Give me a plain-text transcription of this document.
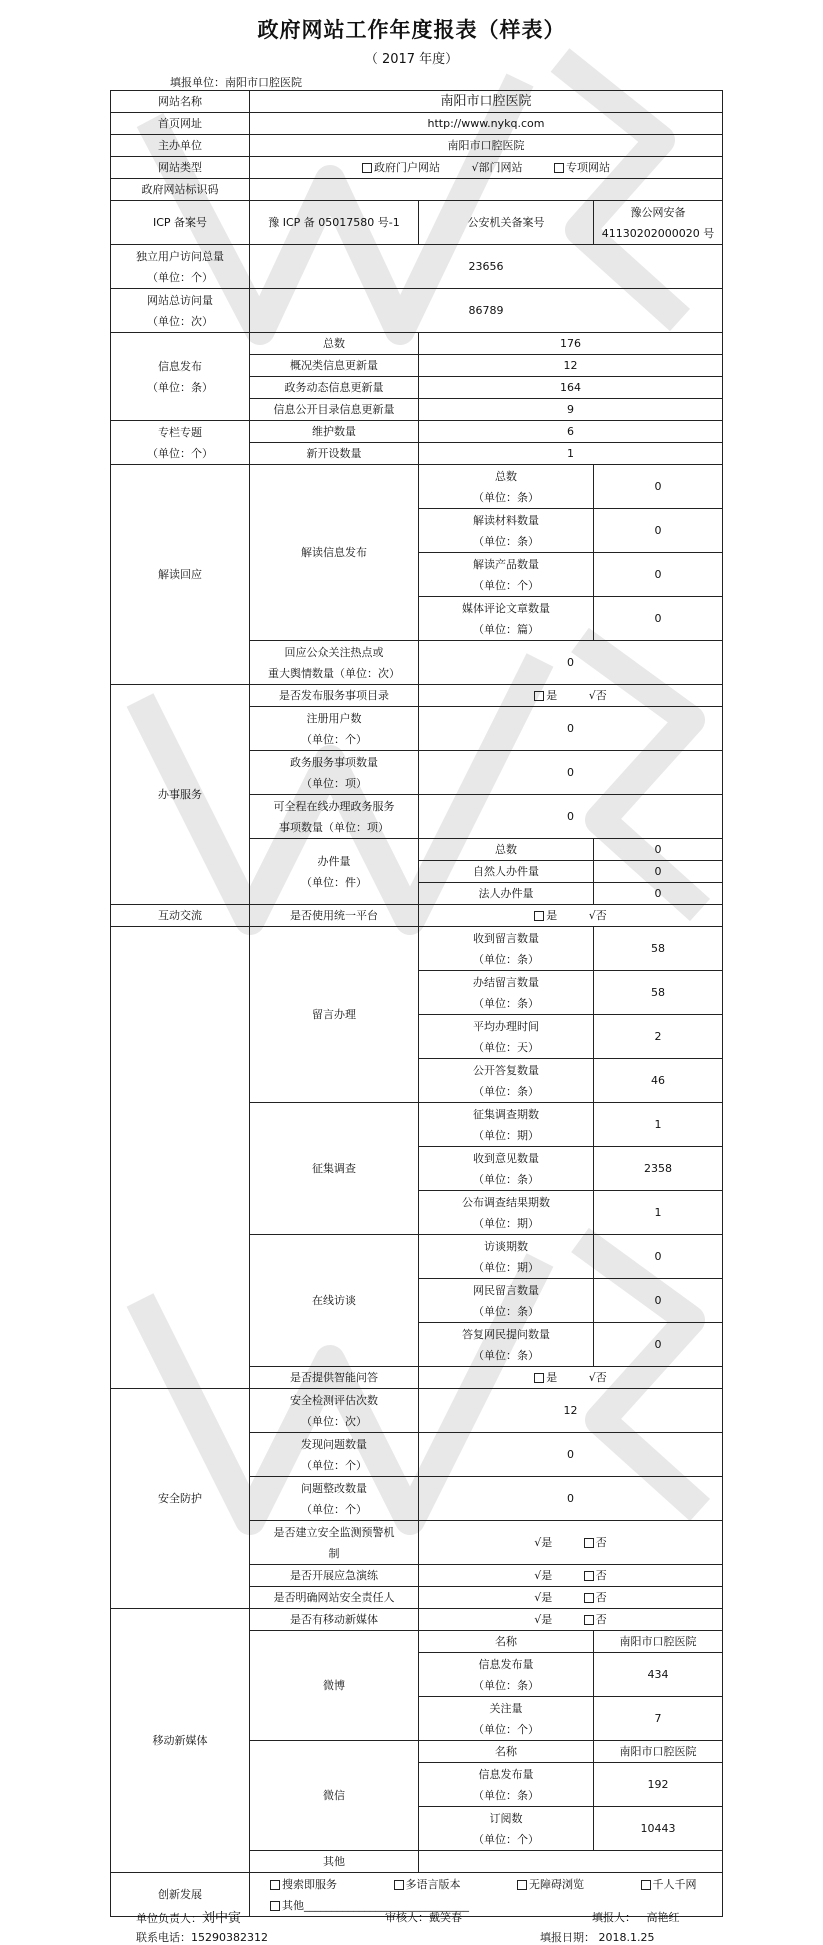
政府网站工作年度报表（样表）
（ 2017 年度）
填报单位：南阳市口腔医院
网站名称	南阳市口腔医院		
首页网址	http://www.nykq.com		
主办单位	南阳市口腔医院		
网站类型	政府门户网站 √部门网站 专项网站		
政府网站标识码			
ICP 备案号	豫 ICP 备 05017580 号-1	公安机关备案号	豫公网安备
41130202000020 号

独立用户访问总量
（单位：个）	23656		

网站总访问量
（单位：次）	86789		

信息发布
（单位：条）	总数	176	
	概况类信息更新量	12	
	政务动态信息更新量	164	
	信息公开目录信息更新量	9	

专栏专题
（单位：个）	维护数量	6	
	新开设数量	1	
解读回应	解读信息发布	总数
（单位：条）	0

		解读材料数量
（单位：条）	0

		解读产品数量
（单位：个）	0

		媒体评论文章数量
（单位：篇）	0

	回应公众关注热点或
重大舆情数量（单位：次）	0	
办事服务	是否发布服务事项目录	是 √否	

	注册用户数
（单位：个）	0	

	政务服务事项数量
（单位：项）	0	

	可全程在线办理政务服务
事项数量（单位：项）	0	

	办件量
（单位：件）	总数	0
		自然人办件量	0
		法人办件量	0
互动交流	是否使用统一平台	是 √否	
	留言办理	收到留言数量
（单位：条）	58

		办结留言数量
（单位：条）	58

		平均办理时间
（单位：天）	2

		公开答复数量
（单位：条）	46
	征集调查	征集调查期数
（单位：期）	1

		收到意见数量
（单位：条）	2358

		公布调查结果期数
（单位：期）	1
	在线访谈	访谈期数
（单位：期）	0

		网民留言数量
（单位：条）	0

		答复网民提问数量
（单位：条）	0
	是否提供智能问答	是 √否	
安全防护	安全检测评估次数
（单位：次）	12	

	发现问题数量
（单位：个）	0	

	问题整改数量
（单位：个）	0	

	是否建立安全监测预警机
制	√是 否	
	是否开展应急演练	√是 否	
	是否明确网站安全责任人	√是 否	
移动新媒体	是否有移动新媒体	√是 否	
	微博	名称	南阳市口腔医院

		信息发布量
（单位：条）	434

		关注量
（单位：个）	7
	微信	名称	南阳市口腔医院

		信息发布量
（单位：条）	192

		订阅数
（单位：个）	10443
	其他		
创新发展	搜索即服务 多语言版本 无障碍浏览 千人千网
其他______________________________		
单位负责人：刘中寅	审核人：戴笑春	填报人： 高艳红
联系电话：15290382312	填报日期： 2018.1.25
